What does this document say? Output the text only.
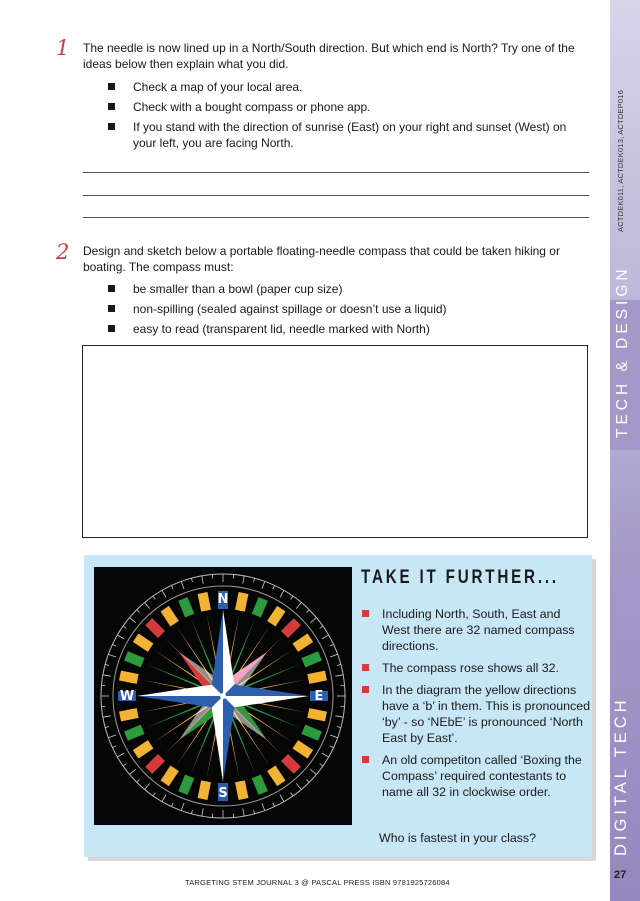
ACTDEK011, ACTDEK013, ACTDEP016
TECH & DESIGN
DIGITAL TECH
27
1 The needle is now lined up in a North/South direction. But which end is North? Try one of the ideas below then explain what you did.
Check a map of your local area.
Check with a bought compass or phone app.
If you stand with the direction of sunrise (East) on your right and sunset (West) on your left, you are facing North.
2 Design and sketch below a portable floating-needle compass that could be taken hiking or boating. The compass must:
be smaller than a bowl (paper cup size)
non-spilling (sealed against spillage or doesn’t use a liquid)
easy to read (transparent lid, needle marked with North)
N
E
S
W
TAKE IT FURTHER...
Including North, South, East and West there are 32 named compass directions.
The compass rose shows all 32.
In the diagram the yellow directions have a ‘b’ in them. This is pronounced ‘by’ - so ‘NEbE’ is pronounced ‘North East by East’.
An old competiton called ‘Boxing the Compass’ required contestants to name all 32 in clockwise order.
Who is fastest in your class?
TARGETING STEM JOURNAL 3 @ PASCAL PRESS ISBN 9781925726084
